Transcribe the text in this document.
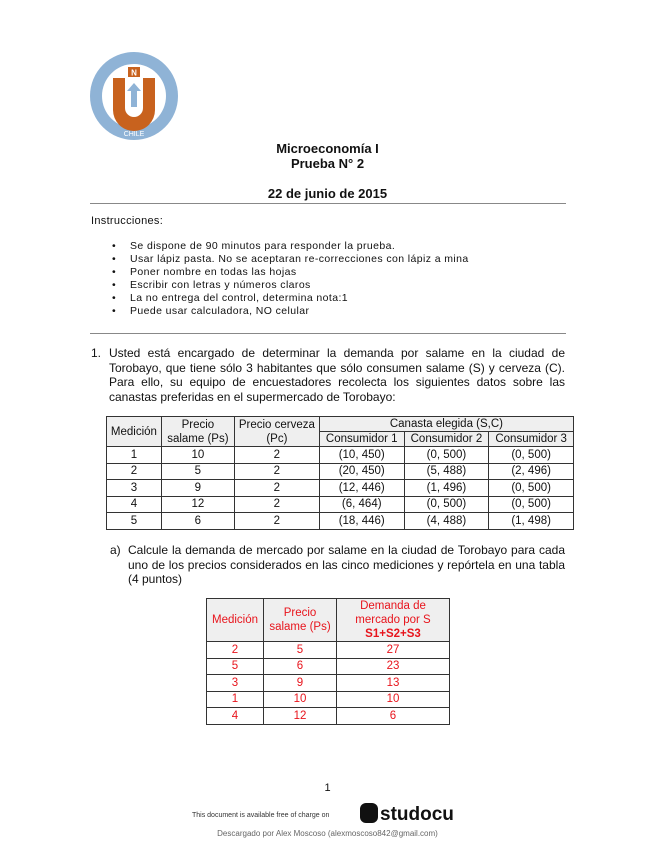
N
CHILE
Microeconomía I
Prueba N° 2
22 de junio de 2015
Instrucciones:
• Se dispone de 90 minutos para responder la prueba.
• Usar lápiz pasta. No se aceptaran re-correcciones con lápiz a mina
• Poner nombre en todas las hojas
• Escribir con letras y números claros
• La no entrega del control, determina nota:1
• Puede usar calculadora, NO celular
1. Usted está encargado de determinar la demanda por salame en la ciudad de Torobayo, que tiene sólo 3 habitantes que sólo consumen salame (S) y cerveza (C). Para ello, su equipo de encuestadores recolecta los siguientes datos sobre las canastas preferidas en el supermercado de Torobayo:
Medición	Precio salame (Ps)	Precio cerveza (Pc)	Canasta elegida (S,C)		
			Consumidor 1	Consumidor 2	Consumidor 3
1	10	2	(10, 450)	(0, 500)	(0, 500)
2	5	2	(20, 450)	(5, 488)	(2, 496)
3	9	2	(12, 446)	(1, 496)	(0, 500)
4	12	2	(6, 464)	(0, 500)	(0, 500)
5	6	2	(18, 446)	(4, 488)	(1, 498)
a) Calcule la demanda de mercado por salame en la ciudad de Torobayo para cada uno de los precios considerados en las cinco mediciones y repórtela en una tabla (4 puntos)
Medición	Precio salame (Ps)	Demanda de mercado por S
S1+S2+S3
2	5	27
5	6	23
3	9	13
1	10	10
4	12	6
1
This document is available free of charge on	studocu
Descargado por Alex Moscoso (alexmoscoso842@gmail.com)
